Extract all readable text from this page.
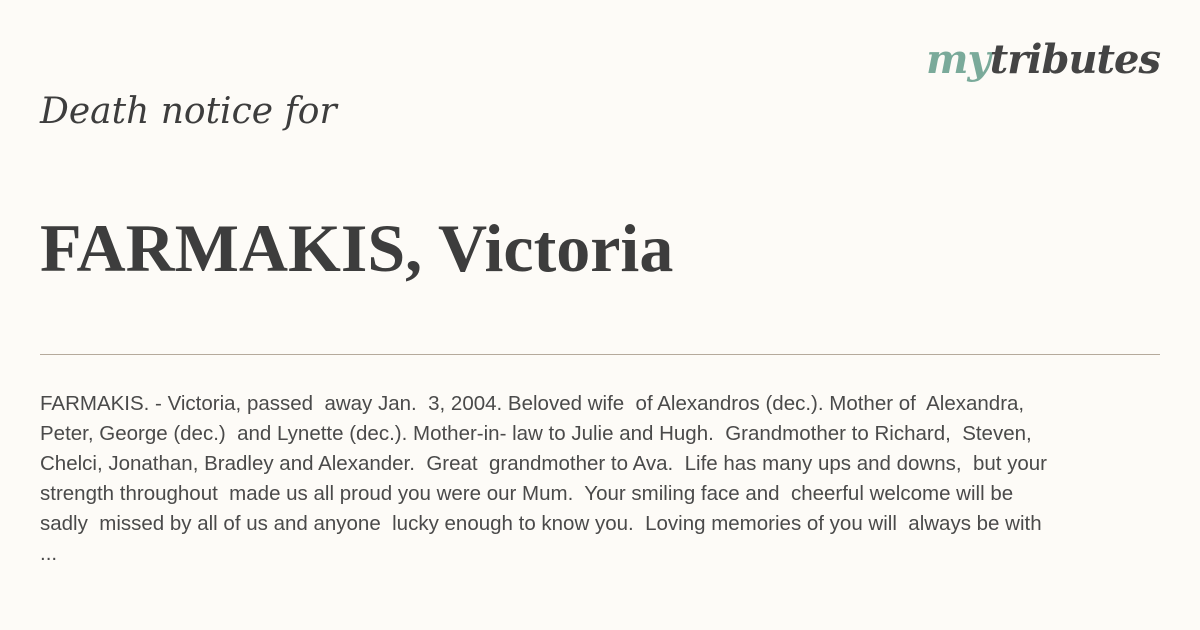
mytributes
Death notice for
FARMAKIS, Victoria
FARMAKIS. - Victoria, passed  away Jan.  3, 2004. Beloved wife  of Alexandros (dec.). Mother of  Alexandra,
Peter, George (dec.)  and Lynette (dec.). Mother-in- law to Julie and Hugh.  Grandmother to Richard,  Steven,
Chelci, Jonathan, Bradley and Alexander.  Great  grandmother to Ava.  Life has many ups and downs,  but your
strength throughout  made us all proud you were our Mum.  Your smiling face and  cheerful welcome will be
sadly  missed by all of us and anyone  lucky enough to know you.  Loving memories of you will  always be with
...
